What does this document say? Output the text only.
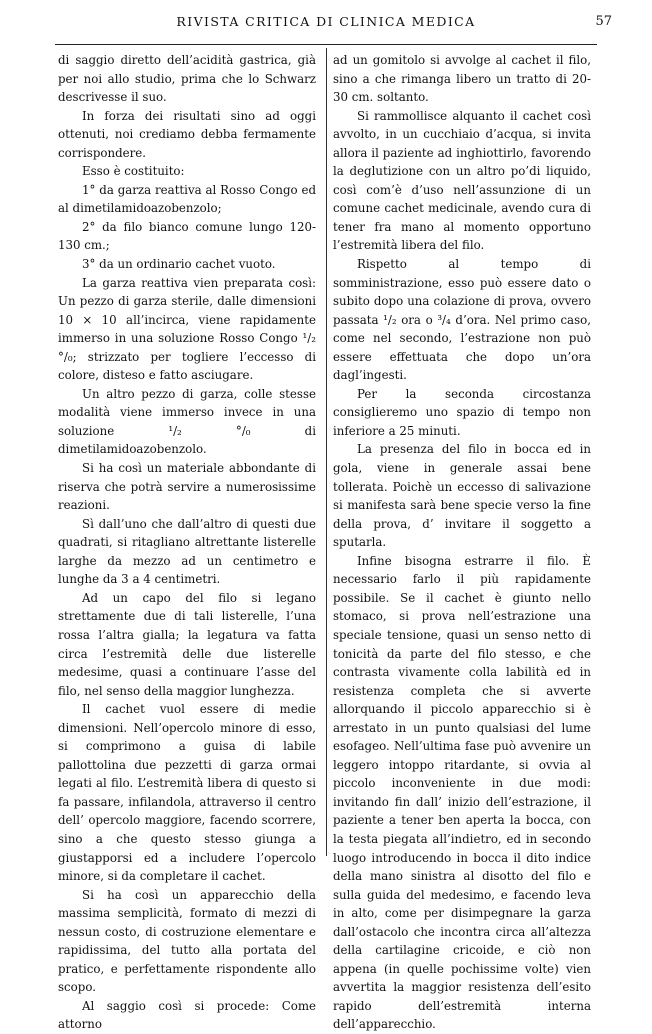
RIVISTA CRITICA DI CLINICA MEDICA	57

di saggio diretto dell’acidità gastrica, già per noi allo studio, prima che lo Schwarz descrivesse il suo.

In forza dei risultati sino ad oggi ottenuti, noi crediamo debba fermamente corrispondere.

Esso è costituito:

1° da garza reattiva al Rosso Congo ed al dimetilamidoazobenzolo;

2° da filo bianco comune lungo 120-130 cm.;

3° da un ordinario cachet vuoto.

La garza reattiva vien preparata così: Un pezzo di garza sterile, dalle dimensioni 10 × 10 all’incirca, viene rapidamente immerso in una soluzione Rosso Congo ¹/₂ °/₀; strizzato per togliere l’eccesso di colore, disteso e fatto asciugare.

Un altro pezzo di garza, colle stesse modalità viene immerso invece in una soluzione ¹/₂ °/₀ di dimetilamidoazobenzolo.

Si ha così un materiale abbondante di riserva che potrà servire a numerosissime reazioni.

Sì dall’uno che dall’altro di questi due quadrati, si ritagliano altrettante listerelle larghe da mezzo ad un centimetro e lunghe da 3 a 4 centimetri.

Ad un capo del filo si legano strettamente due di tali listerelle, l’una rossa l’altra gialla; la legatura va fatta circa l’estremità delle due listerelle medesime, quasi a continuare l’asse del filo, nel senso della maggior lunghezza.

Il cachet vuol essere di medie dimensioni. Nell’opercolo minore di esso, si comprimono a guisa di labile pallottolina due pezzetti di garza ormai legati al filo. L’estremità libera di questo si fa passare, infilandola, attraverso il centro dell’ opercolo maggiore, facendo scorrere, sino a che questo stesso giunga a giustapporsi ed a includere l’opercolo minore, si da completare il cachet.

Si ha così un apparecchio della massima semplicità, formato di mezzi di nessun costo, di costruzione elementare e rapidissima, del tutto alla portata del pratico, e perfettamente rispondente allo scopo.

Al saggio così si procede: Come attorno

ad un gomitolo si avvolge al cachet il filo, sino a che rimanga libero un tratto di 20-30 cm. soltanto.

Si rammollisce alquanto il cachet così avvolto, in un cucchiaio d’acqua, si invita allora il paziente ad inghiottirlo, favorendo la deglutizione con un altro po’di liquido, così com’è d’uso nell’assunzione di un comune cachet medicinale, avendo cura di tener fra mano al momento opportuno l’estremità libera del filo.

Rispetto al tempo di somministrazione, esso può essere dato o subito dopo una colazione di prova, ovvero passata ¹/₂ ora o ³/₄ d’ora. Nel primo caso, come nel secondo, l’estrazione non può essere effettuata che dopo un’ora dagl’ingesti.

Per la seconda circostanza consiglieremo uno spazio di tempo non inferiore a 25 minuti.

La presenza del filo in bocca ed in gola, viene in generale assai bene tollerata. Poichè un eccesso di salivazione si manifesta sarà bene specie verso la fine della prova, d’ invitare il soggetto a sputarla.

Infine bisogna estrarre il filo. È necessario farlo il più rapidamente possibile. Se il cachet è giunto nello stomaco, si prova nell’estrazione una speciale tensione, quasi un senso netto di tonicità da parte del filo stesso, e che contrasta vivamente colla labilità ed in resistenza completa che si avverte allorquando il piccolo apparecchio si è arrestato in un punto qualsiasi del lume esofageo. Nell’ultima fase può avvenire un leggero intoppo ritardante, si ovvia al piccolo inconveniente in due modi: invitando fin dall’ inizio dell’estrazione, il paziente a tener ben aperta la bocca, con la testa piegata all’indietro, ed in secondo luogo introducendo in bocca il dito indice della mano sinistra al disotto del filo e sulla guida del medesimo, e facendo leva in alto, come per disimpegnare la garza dall’ostacolo che incontra circa all’altezza della cartilagine cricoide, e ciò non appena (in quelle pochissime volte) vien avvertita la maggior resistenza dell’esito rapido dell’estremità interna dell’apparecchio.
